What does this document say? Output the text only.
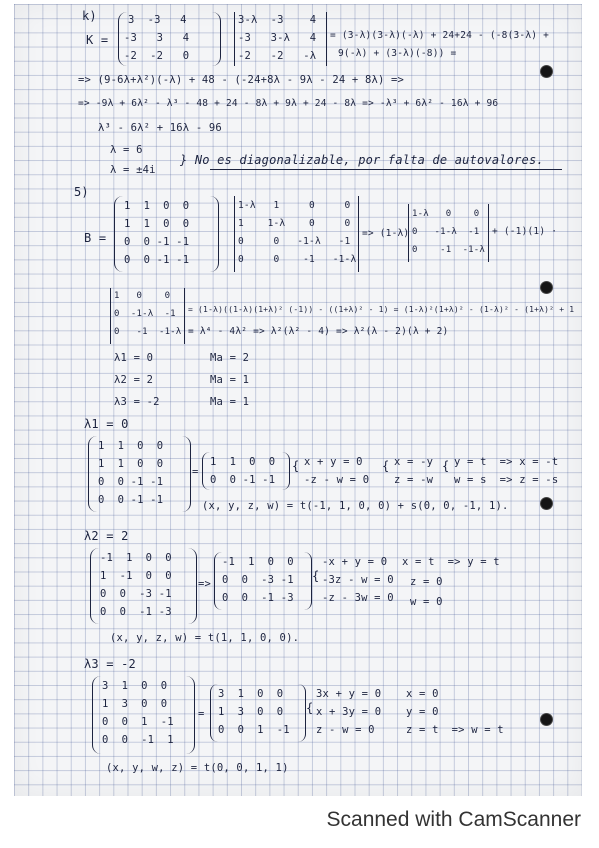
k)
K =
3  -3   4
-3   3   4
-2  -2   0
3-λ  -3    4
-3   3-λ   4
-2   -2   -λ
= (3-λ)(3-λ)(-λ) + 24+24 - (-8(3-λ) +
9(-λ) + (3-λ)(-8)) =
=> (9-6λ+λ²)(-λ) + 48 - (-24+8λ - 9λ - 24 + 8λ) =>
=> -9λ + 6λ² - λ³ - 48 + 24 - 8λ + 9λ + 24 - 8λ => -λ³ + 6λ² - 16λ + 96
λ³ - 6λ² + 16λ - 96
λ = 6
λ = ±4i
} No es diagonalizable, por falta de autovalores.
5)
B =
1  1  0  0
1  1  0  0
0  0 -1 -1
0  0 -1 -1
1-λ   1     0     0
1    1-λ    0     0
0     0   -1-λ   -1
0     0    -1   -1-λ
=> (1-λ)
1-λ   0    0
0   -1-λ  -1
0    -1  -1-λ
+ (-1)(1) ·
1   0    0
0  -1-λ  -1
0   -1  -1-λ
= (1-λ)((1-λ)(1+λ)² (-1)) - ((1+λ)² - 1) = (1-λ)²(1+λ)² - (1-λ)² - (1+λ)² + 1
= λ⁴ - 4λ² => λ²(λ² - 4) => λ²(λ - 2)(λ + 2)
λ1 = 0
λ2 = 2
λ3 = -2
Ma = 2
Ma = 1
Ma = 1
λ1 = 0
1  1  0  0
1  1  0  0
0  0 -1 -1
0  0 -1 -1
=
1  1  0  0
0  0 -1 -1
{ x + y = 0
-z - w = 0
{ x = -y
z = -w
{ y = t  => x = -t
w = s  => z = -s
(x, y, z, w) = t(-1, 1, 0, 0) + s(0, 0, -1, 1).
λ2 = 2
-1  1  0  0
1  -1  0  0
0  0  -3 -1
0  0  -1 -3
=>
-1  1  0  0
0  0  -3 -1
0  0  -1 -3
{
-x + y = 0
-3z - w = 0
-z - 3w = 0
x = t  => y = t
z = 0
w = 0
(x, y, z, w) = t(1, 1, 0, 0).
λ3 = -2
3  1  0  0
1  3  0  0
0  0  1  -1
0  0  -1  1
=
3  1  0  0
1  3  0  0
0  0  1  -1
{
3x + y = 0
x + 3y = 0
z - w = 0
x = 0
y = 0
z = t  => w = t
(x, y, w, z) = t(0, 0, 1, 1)
Scanned with CamScanner
